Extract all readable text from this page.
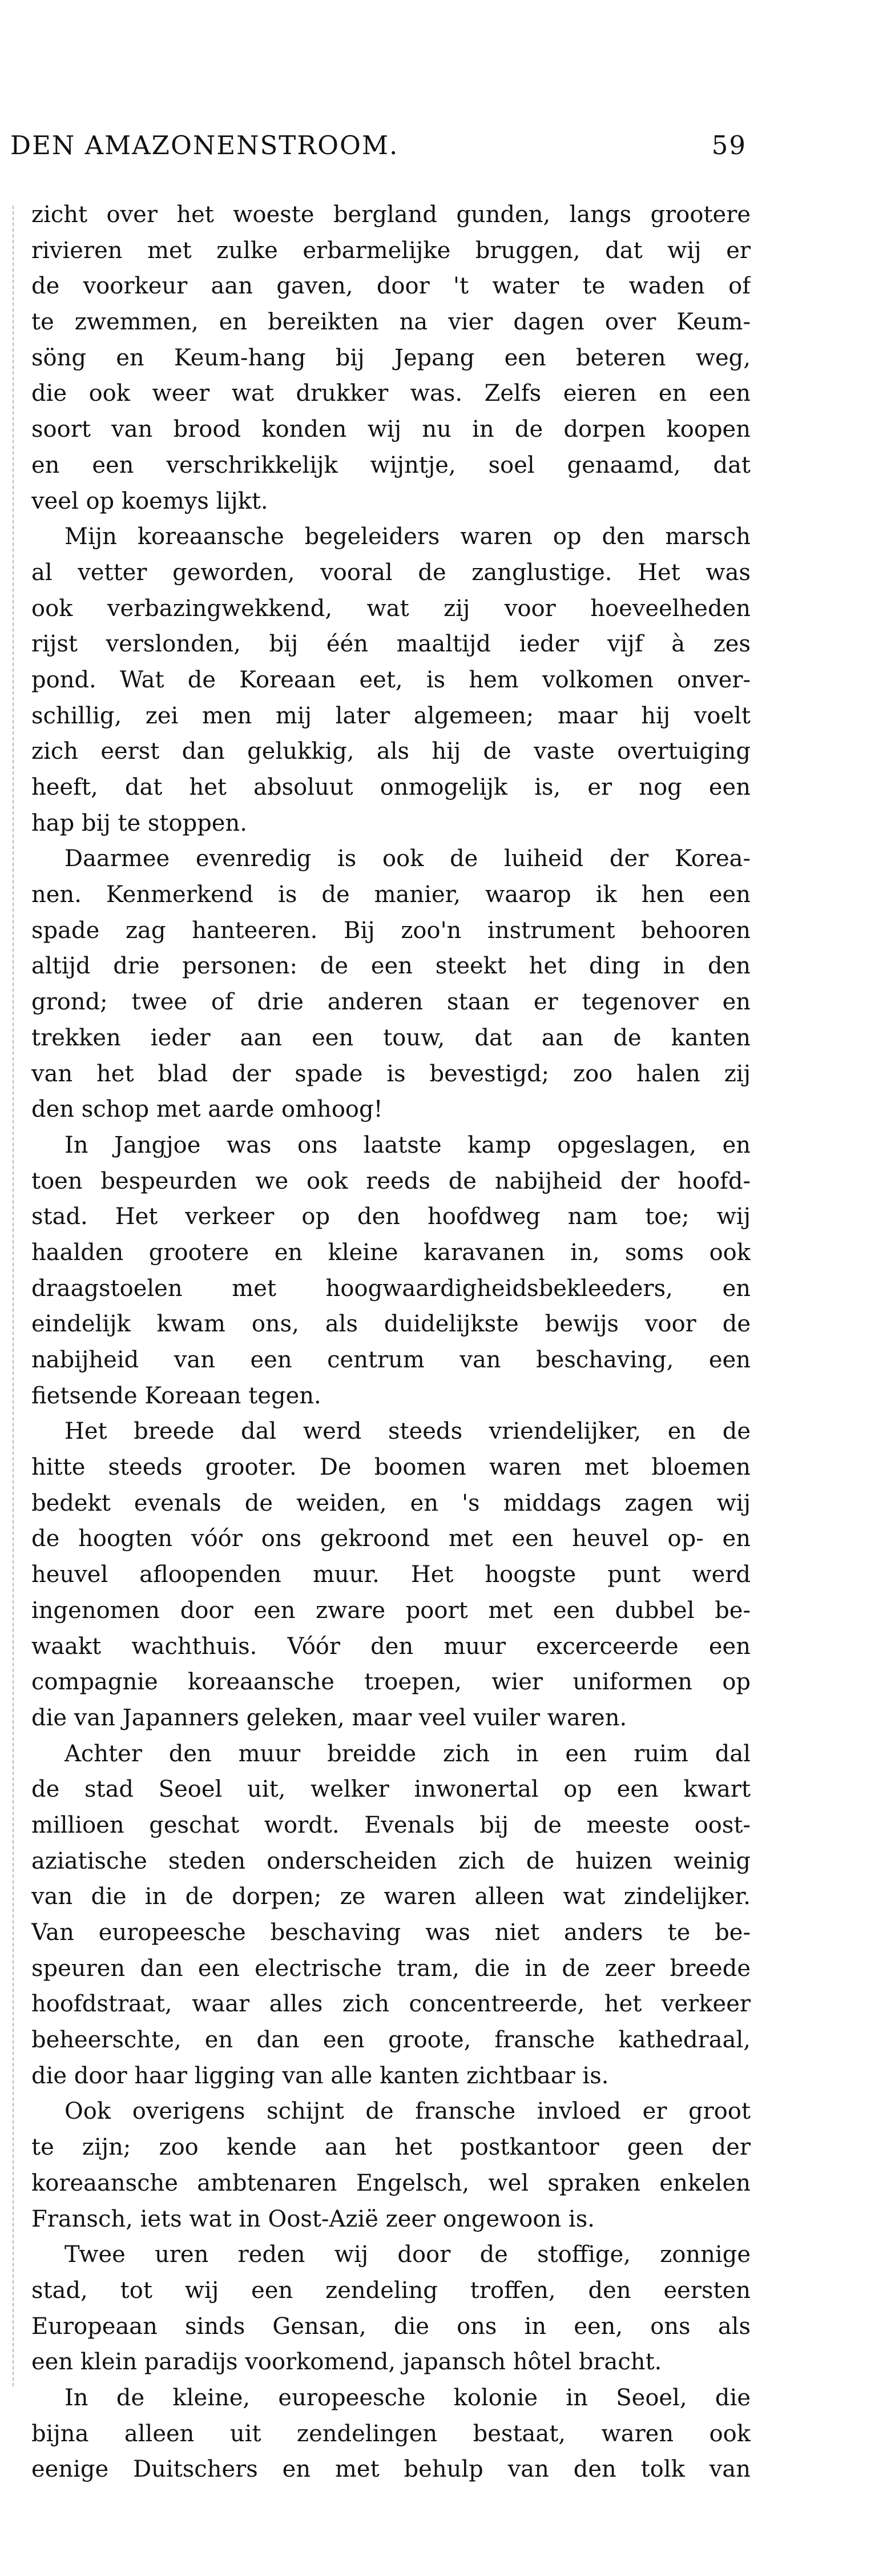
DEN AMAZONENSTROOM.	59
zicht over het woeste bergland gunden, langs grootere
rivieren met zulke erbarmelijke bruggen, dat wij er
de voorkeur aan gaven, door 't water te waden of
te zwemmen, en bereikten na vier dagen over Keum-
söng en Keum-hang bij Jepang een beteren weg,
die ook weer wat drukker was. Zelfs eieren en een
soort van brood konden wij nu in de dorpen koopen
en een verschrikkelijk wijntje, soel genaamd, dat
veel op koemys lijkt.
Mijn koreaansche begeleiders waren op den marsch
al vetter geworden, vooral de zanglustige. Het was
ook verbazingwekkend, wat zij voor hoeveelheden
rijst verslonden, bij één maaltijd ieder vijf à zes
pond. Wat de Koreaan eet, is hem volkomen onver-
schillig, zei men mij later algemeen; maar hij voelt
zich eerst dan gelukkig, als hij de vaste overtuiging
heeft, dat het absoluut onmogelijk is, er nog een
hap bij te stoppen.
Daarmee evenredig is ook de luiheid der Korea-
nen. Kenmerkend is de manier, waarop ik hen een
spade zag hanteeren. Bij zoo'n instrument behooren
altijd drie personen: de een steekt het ding in den
grond; twee of drie anderen staan er tegenover en
trekken ieder aan een touw, dat aan de kanten
van het blad der spade is bevestigd; zoo halen zij
den schop met aarde omhoog!
In Jangjoe was ons laatste kamp opgeslagen, en
toen bespeurden we ook reeds de nabijheid der hoofd-
stad. Het verkeer op den hoofdweg nam toe; wij
haalden grootere en kleine karavanen in, soms ook
draagstoelen met hoogwaardigheidsbekleeders, en
eindelijk kwam ons, als duidelijkste bewijs voor de
nabijheid van een centrum van beschaving, een
fietsende Koreaan tegen.
Het breede dal werd steeds vriendelijker, en de
hitte steeds grooter. De boomen waren met bloemen
bedekt evenals de weiden, en 's middags zagen wij
de hoogten vóór ons gekroond met een heuvel op- en
heuvel afloopenden muur. Het hoogste punt werd
ingenomen door een zware poort met een dubbel be-
waakt wachthuis. Vóór den muur excerceerde een
compagnie koreaansche troepen, wier uniformen op
die van Japanners geleken, maar veel vuiler waren.
Achter den muur breidde zich in een ruim dal
de stad Seoel uit, welker inwonertal op een kwart
millioen geschat wordt. Evenals bij de meeste oost-
aziatische steden onderscheiden zich de huizen weinig
van die in de dorpen; ze waren alleen wat zindelijker.
Van europeesche beschaving was niet anders te be-
speuren dan een electrische tram, die in de zeer breede
hoofdstraat, waar alles zich concentreerde, het verkeer
beheerschte, en dan een groote, fransche kathedraal,
die door haar ligging van alle kanten zichtbaar is.
Ook overigens schijnt de fransche invloed er groot
te zijn; zoo kende aan het postkantoor geen der
koreaansche ambtenaren Engelsch, wel spraken enkelen
Fransch, iets wat in Oost-Azië zeer ongewoon is.
Twee uren reden wij door de stoffige, zonnige
stad, tot wij een zendeling troffen, den eersten
Europeaan sinds Gensan, die ons in een, ons als
een klein paradijs voorkomend, japansch hôtel bracht.
In de kleine, europeesche kolonie in Seoel, die
bijna alleen uit zendelingen bestaat, waren ook
eenige Duitschers en met behulp van den tolk van
